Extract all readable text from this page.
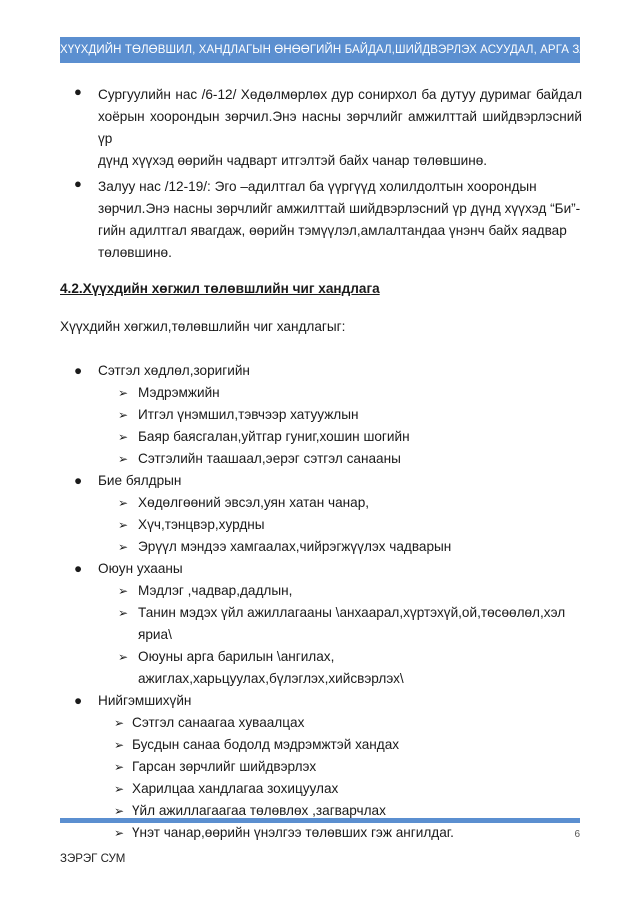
ХҮҮХДИЙН ТӨЛӨВШИЛ, ХАНДЛАГЫН ӨНӨӨГИЙН БАЙДАЛ,ШИЙДВЭРЛЭХ АСУУДАЛ, АРГА ЗАМ
● Сургуулийн нас /6-12/ Хөдөлмөрлөх дур сонирхол ба дутуу дуримаг байдал
хоёрын хоорондын зөрчил.Энэ насны зөрчлийг амжилттай шийдвэрлэсний үр
дүнд хүүхэд өөрийн чадварт итгэлтэй байх чанар төлөвшинө.
● Залуу нас /12-19/: Эго –адилтгал ба үүргүүд холилдолтын хоорондын
зөрчил.Энэ насны зөрчлийг амжилттай шийдвэрлэсний үр дүнд хүүхэд “Би”-
гийн адилтгал явагдаж, өөрийн тэмүүлэл,амлалтандаа үнэнч байх яадвар
төлөвшинө.
4.2.Хүүхдийн хөгжил төлөвшлийн чиг хандлага
Хүүхдийн хөгжил,төлөвшлийн чиг хандлагыг:
● Сэтгэл хөдлөл,зоригийн
➢ Мэдрэмжийн
➢ Итгэл үнэмшил,тэвчээр хатуужлын
➢ Баяр баясгалан,уйтгар гуниг,хошин шогийн
➢ Сэтгэлийн таашаал,эерэг сэтгэл санааны
● Бие бялдрын
➢ Хөдөлгөөний эвсэл,уян хатан чанар,
➢ Хүч,тэнцвэр,хурдны
➢ Эрүүл мэндээ хамгаалах,чийрэгжүүлэх чадварын
● Оюун ухааны
➢ Мэдлэг ,чадвар,дадлын,
➢ Танин мэдэх үйл ажиллагааны \анхаарал,хүртэхүй,ой,төсөөлөл,хэл
яриа\
➢ Оюуны арга барилын \ангилах,
ажиглах,харьцуулах,бүлэглэх,хийсвэрлэх\
● Нийгэмшихүйн
➢ Сэтгэл санаагаа хуваалцах
➢ Бусдын санаа бодолд мэдрэмжтэй хандах
➢ Гарсан зөрчлийг шийдвэрлэх
➢ Харилцаа хандлагаа зохицуулах
➢ Үйл ажиллагаагаа төлөвлөх ,загварчлах
➢ Үнэт чанар,өөрийн үнэлгээ төлөвших гэж ангилдаг.	6
ЗЭРЭГ СУМ
